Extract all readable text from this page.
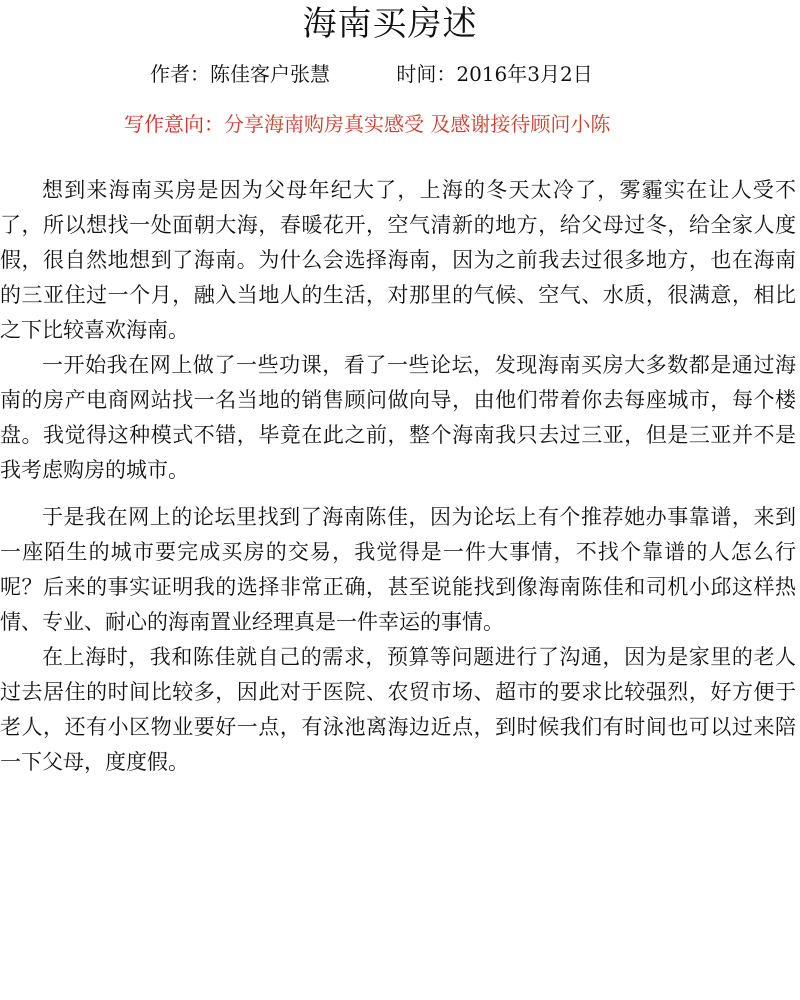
海南买房述
作者：陈佳客户张慧	时间：2016年3月2日
写作意向：分享海南购房真实感受 及感谢接待顾问小陈

想到来海南买房是因为父母年纪大了，上海的冬天太冷了，雾霾实在让人受不了，所以想找一处面朝大海，春暖花开，空气清新的地方，给父母过冬，给全家人度假，很自然地想到了海南。为什么会选择海南，因为之前我去过很多地方，也在海南的三亚住过一个月，融入当地人的生活，对那里的气候、空气、水质，很满意，相比之下比较喜欢海南。

一开始我在网上做了一些功课，看了一些论坛，发现海南买房大多数都是通过海南的房产电商网站找一名当地的销售顾问做向导，由他们带着你去每座城市，每个楼盘。我觉得这种模式不错，毕竟在此之前，整个海南我只去过三亚，但是三亚并不是我考虑购房的城市。

于是我在网上的论坛里找到了海南陈佳，因为论坛上有个推荐她办事靠谱，来到一座陌生的城市要完成买房的交易，我觉得是一件大事情，不找个靠谱的人怎么行呢？后来的事实证明我的选择非常正确，甚至说能找到像海南陈佳和司机小邱这样热情、专业、耐心的海南置业经理真是一件幸运的事情。

在上海时，我和陈佳就自己的需求，预算等问题进行了沟通，因为是家里的老人过去居住的时间比较多，因此对于医院、农贸市场、超市的要求比较强烈，好方便于老人，还有小区物业要好一点，有泳池离海边近点，到时候我们有时间也可以过来陪一下父母，度度假。
